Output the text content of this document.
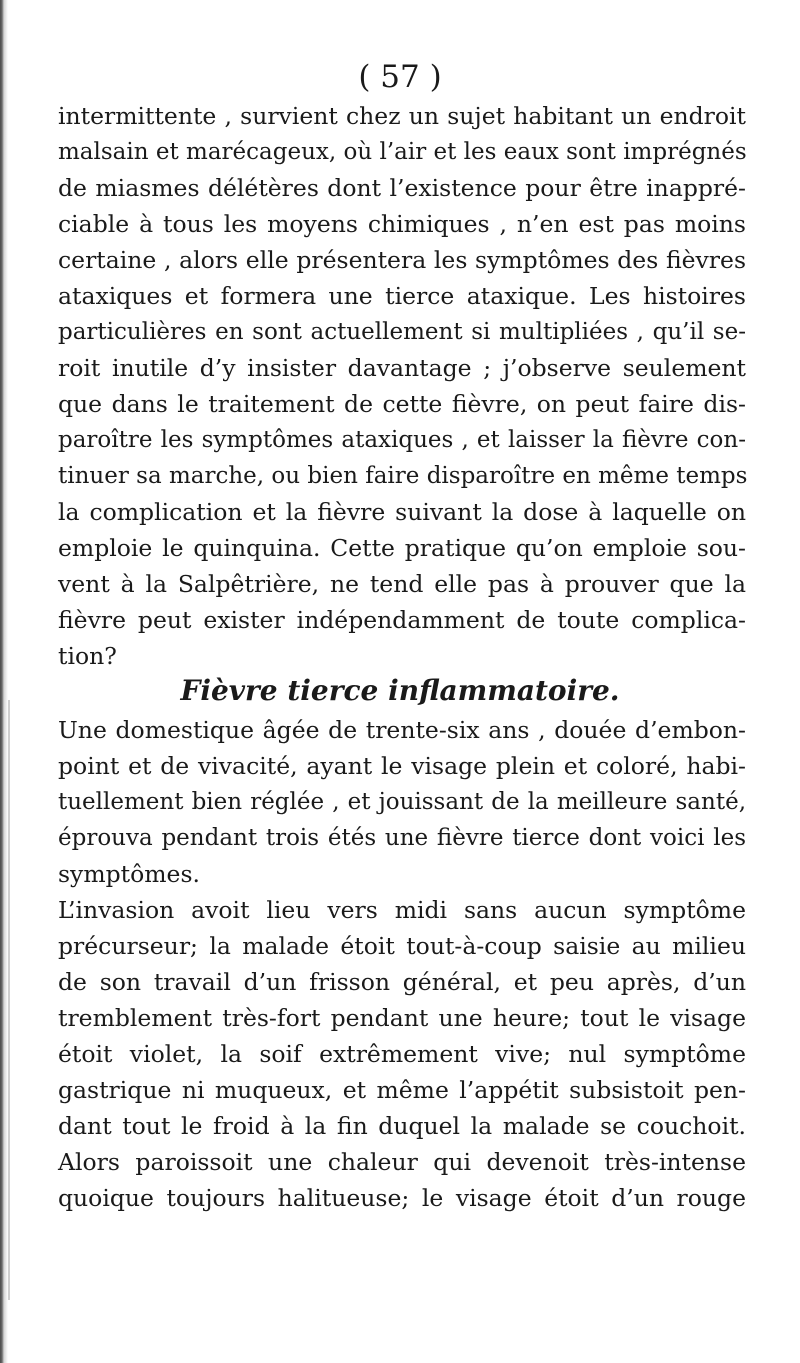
( 57 )
intermittente , survient chez un sujet habitant un endroit
malsain et marécageux, où l’air et les eaux sont imprégnés
de miasmes délétères dont l’existence pour être inappré-
ciable à tous les moyens chimiques , n’en est pas moins
certaine , alors elle présentera les symptômes des fièvres
ataxiques et formera une tierce ataxique. Les histoires
particulières en sont actuellement si multipliées , qu’il se-
roit inutile d’y insister davantage ; j’observe seulement
que dans le traitement de cette fièvre, on peut faire dis-
paroître les symptômes ataxiques , et laisser la fièvre con-
tinuer sa marche, ou bien faire disparoître en même temps
la complication et la fièvre suivant la dose à laquelle on
emploie le quinquina. Cette pratique qu’on emploie sou-
vent à la Salpêtrière, ne tend elle pas à prouver que la
fièvre peut exister indépendamment de toute complica-
tion?
Fièvre tierce inflammatoire.
Une domestique âgée de trente-six ans , douée d’embon-
point et de vivacité, ayant le visage plein et coloré, habi-
tuellement bien réglée , et jouissant de la meilleure santé,
éprouva pendant trois étés une fièvre tierce dont voici les
symptômes.
L’invasion avoit lieu vers midi sans aucun symptôme
précurseur; la malade étoit tout-à-coup saisie au milieu
de son travail d’un frisson général, et peu après, d’un
tremblement très-fort pendant une heure; tout le visage
étoit violet, la soif extrêmement vive; nul symptôme
gastrique ni muqueux, et même l’appétit subsistoit pen-
dant tout le froid à la fin duquel la malade se couchoit.
Alors paroissoit une chaleur qui devenoit très-intense
quoique toujours halitueuse; le visage étoit d’un rouge
